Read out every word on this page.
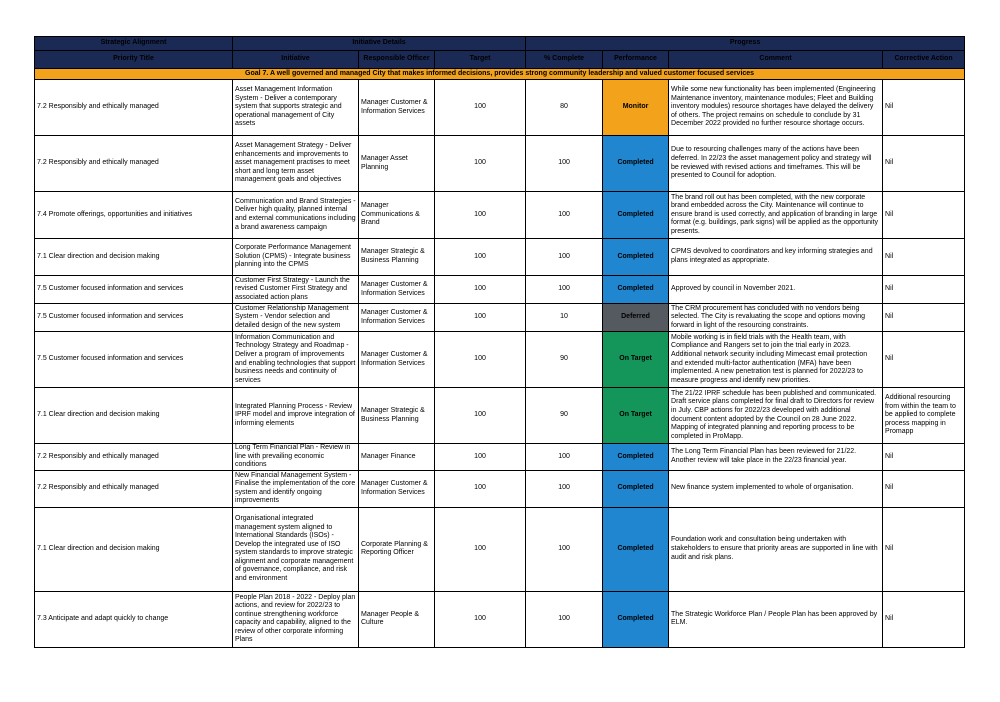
Strategic Alignment	Initiative Details			Progress			
Priority Title	Initiative	Responsible Officer	Target	% Complete	Performance	Comment	Corrective Action
Goal 7. A well governed and managed City that makes informed decisions, provides strong community leadership and valued customer focused services							
7.2 Responsibly and ethically managed	Asset Management Information System - Deliver a contemporary system that supports strategic and operational management of City assets	Manager Customer & Information Services	100	80	Monitor	While some new functionality has been implemented (Engineering Maintenance inventory, maintenance modules; Fleet and Building inventory modules) resource shortages have delayed the delivery of others. The project remains on schedule to conclude by 31 December 2022 provided no further resource shortage occurs.	Nil
7.2 Responsibly and ethically managed	Asset Management Strategy - Deliver enhancements and improvements to asset management practises to meet short and long term asset management goals and objectives	Manager Asset Planning	100	100	Completed	Due to resourcing challenges many of the actions have been deferred. In 22/23 the asset management policy and strategy will be reviewed with revised actions and timeframes. This will be presented to Council for adoption.	Nil
7.4 Promote offerings, opportunities and initiatives	Communication and Brand Strategies - Deliver high quality, planned internal and external communications including a brand awareness campaign	Manager Communications & Brand	100	100	Completed	The brand roll out has been completed, with the new corporate brand embedded across the City. Maintenance will continue to ensure brand is used correctly, and application of branding in large format (e.g. buildings, park signs) will be applied as the opportunity presents.	Nil
7.1 Clear direction and decision making	Corporate Performance Management Solution (CPMS) - Integrate business planning into the CPMS	Manager Strategic & Business Planning	100	100	Completed	CPMS devolved to coordinators and key informing strategies and plans integrated as appropriate.	Nil
7.5 Customer focused information and services	Customer First Strategy - Launch the revised Customer First Strategy and associated action plans	Manager Customer & Information Services	100	100	Completed	Approved by council in November 2021.	Nil
7.5 Customer focused information and services	Customer Relationship Management System - Vendor selection and detailed design of the new system	Manager Customer & Information Services	100	10	Deferred	The CRM procurement has concluded with no vendors being selected. The City is revaluating the scope and options moving forward in light of the resourcing constraints.	Nil
7.5 Customer focused information and services	Information Communication and Technology Strategy and Roadmap - Deliver a program of improvements and enabling technologies that support business needs and continuity of services	Manager Customer & Information Services	100	90	On Target	Mobile working is in field trials with the Health team, with Compliance and Rangers set to join the trial early in 2023. Additional network security including Mimecast email protection and extended multi-factor authentication (MFA) have been implemented. A new penetration test is planned for 2022/23 to measure progress and identify new priorities.	Nil
7.1 Clear direction and decision making	Integrated Planning Process - Review IPRF model and improve integration of informing elements	Manager Strategic & Business Planning	100	90	On Target	The 21/22 IPRF schedule has been published and communicated. Draft service plans completed for final draft to Directors for review in July. CBP actions for 2022/23 developed with additional document content adopted by the Council on 28 June 2022. Mapping of integrated planning and reporting process to be completed in ProMapp.	Additional resourcing from within the team to be applied to complete process mapping in Promapp
7.2 Responsibly and ethically managed	Long Term Financial Plan - Review in line with prevailing economic conditions	Manager Finance	100	100	Completed	The Long Term Financial Plan has been reviewed for 21/22. Another review will take place in the 22/23 financial year.	Nil
7.2 Responsibly and ethically managed	New Financial Management System - Finalise the implementation of the core system and identify ongoing improvements	Manager Customer & Information Services	100	100	Completed	New finance system implemented to whole of organisation.	Nil
7.1 Clear direction and decision making	Organisational integrated management system aligned to International Standards (ISOs) - Develop the integrated use of ISO system standards to improve strategic alignment and corporate management of governance, compliance, and risk and environment	Corporate Planning & Reporting Officer	100	100	Completed	Foundation work and consultation being undertaken with stakeholders to ensure that priority areas are supported in line with audit and risk plans.	Nil
7.3 Anticipate and adapt quickly to change	People Plan 2018 - 2022 - Deploy plan actions, and review for 2022/23 to continue strengthening workforce capacity and capability, aligned to the review of other corporate informing Plans	Manager People & Culture	100	100	Completed	The Strategic Workforce Plan / People Plan has been approved by ELM.	Nil
